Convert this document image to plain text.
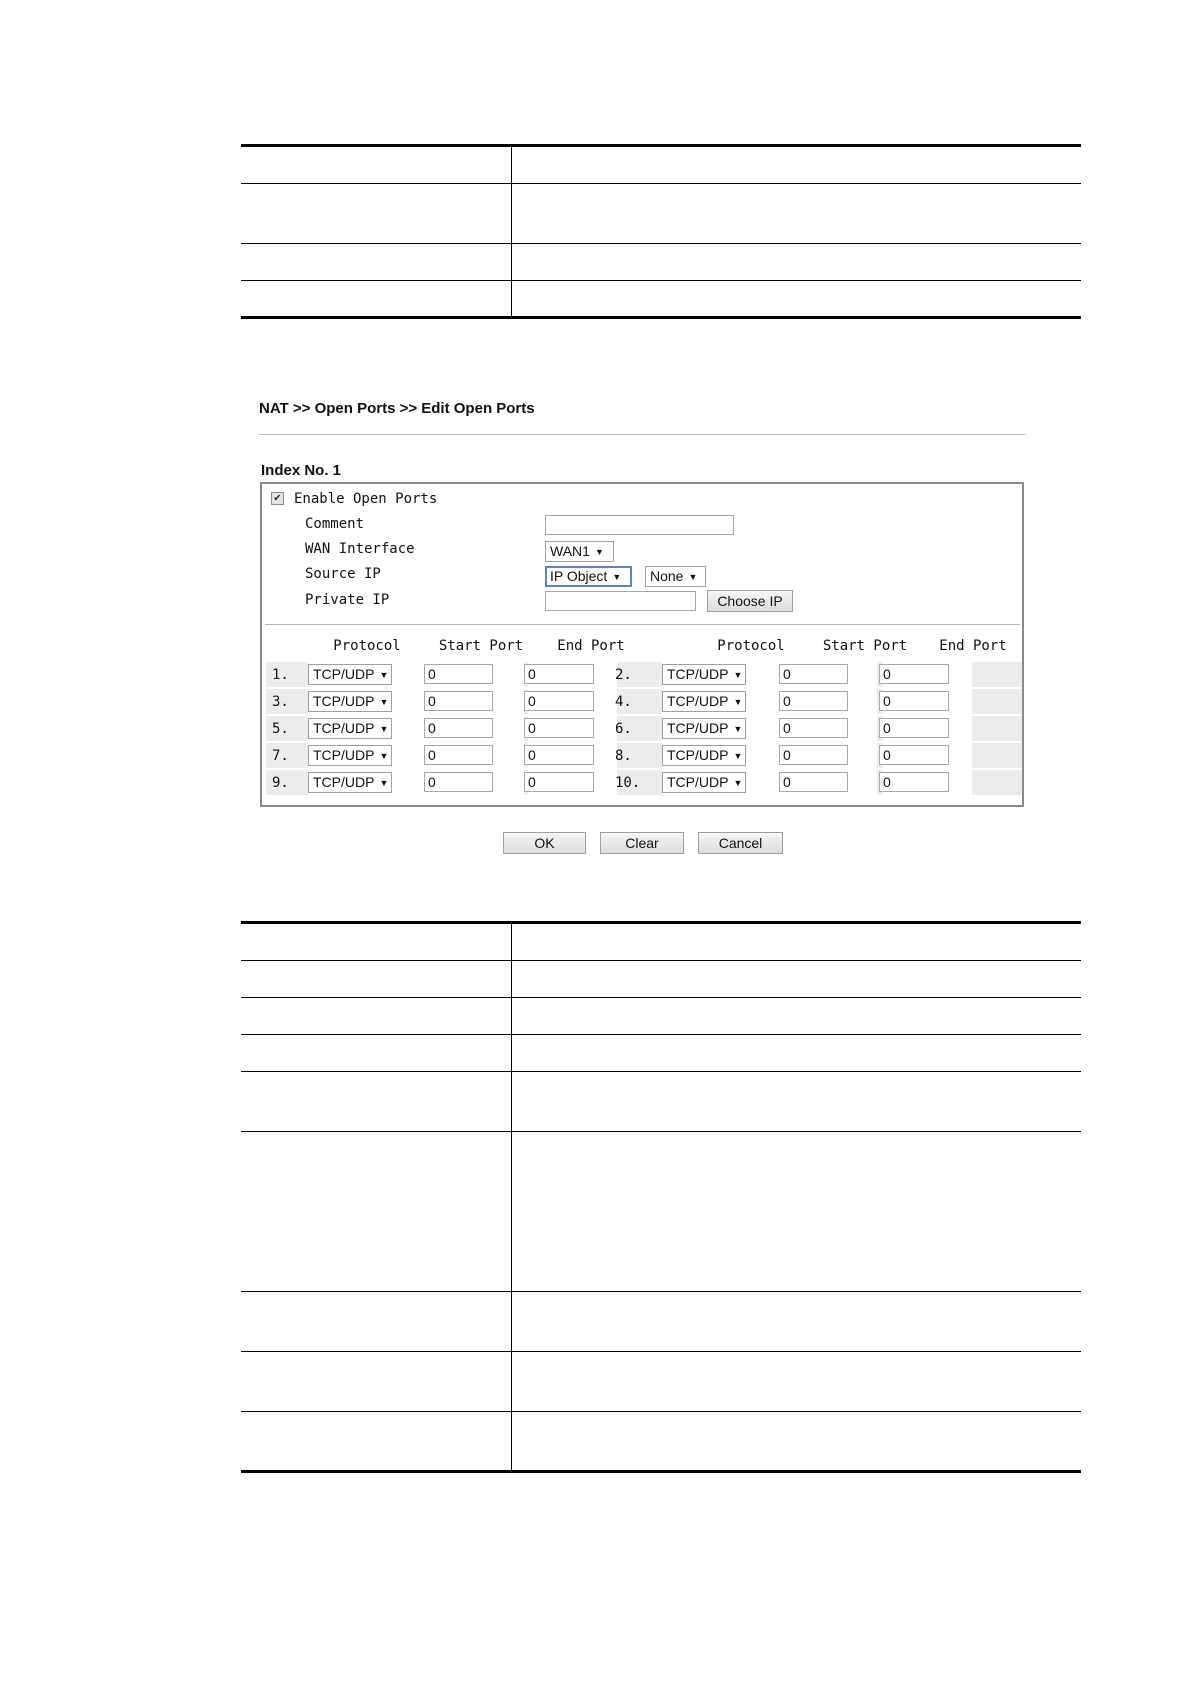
NAT >> Open Ports >> Edit Open Ports
Index No. 1
✔ Enable Open Ports
Comment
WAN Interface	WAN1 ▼
Source IP	IP Object ▼	None ▼
Private IP	Choose IP
Protocol	Start Port	End Port	Protocol	Start Port	End Port
1.	TCP/UDP ▼	0	0	2.	TCP/UDP ▼	0	0
3.	TCP/UDP ▼	0	0	4.	TCP/UDP ▼	0	0
5.	TCP/UDP ▼	0	0	6.	TCP/UDP ▼	0	0
7.	TCP/UDP ▼	0	0	8.	TCP/UDP ▼	0	0
9.	TCP/UDP ▼	0	0	10.	TCP/UDP ▼	0	0
OK	Clear	Cancel
